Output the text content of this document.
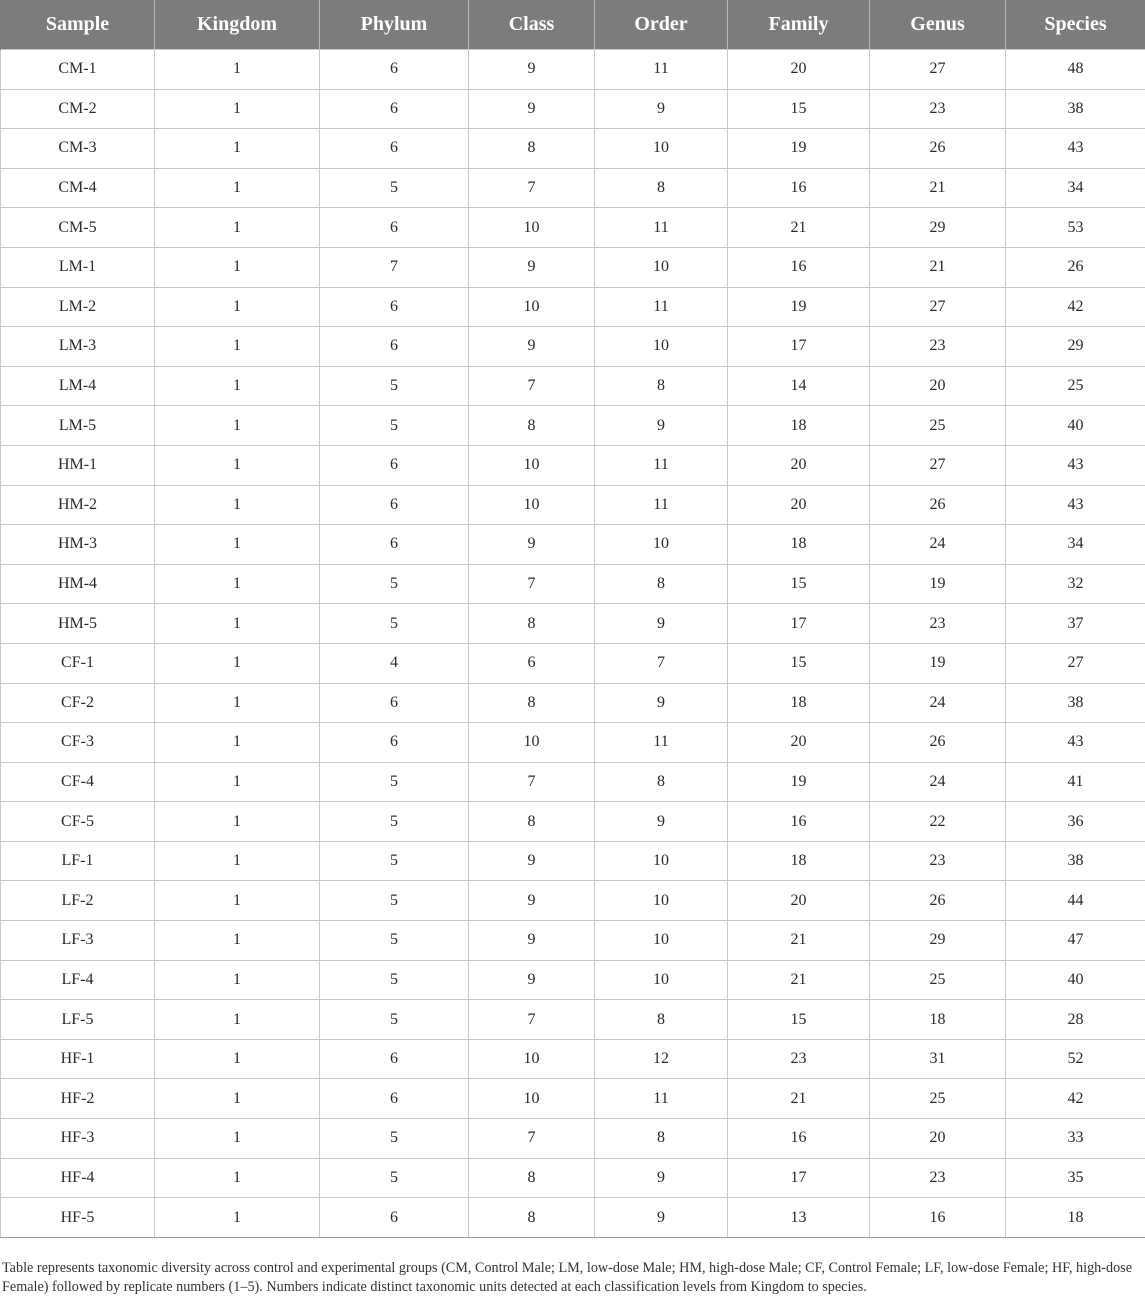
Sample	Kingdom	Phylum	Class	Order	Family	Genus	Species
CM-1	1	6	9	11	20	27	48
CM-2	1	6	9	9	15	23	38
CM-3	1	6	8	10	19	26	43
CM-4	1	5	7	8	16	21	34
CM-5	1	6	10	11	21	29	53
LM-1	1	7	9	10	16	21	26
LM-2	1	6	10	11	19	27	42
LM-3	1	6	9	10	17	23	29
LM-4	1	5	7	8	14	20	25
LM-5	1	5	8	9	18	25	40
HM-1	1	6	10	11	20	27	43
HM-2	1	6	10	11	20	26	43
HM-3	1	6	9	10	18	24	34
HM-4	1	5	7	8	15	19	32
HM-5	1	5	8	9	17	23	37
CF-1	1	4	6	7	15	19	27
CF-2	1	6	8	9	18	24	38
CF-3	1	6	10	11	20	26	43
CF-4	1	5	7	8	19	24	41
CF-5	1	5	8	9	16	22	36
LF-1	1	5	9	10	18	23	38
LF-2	1	5	9	10	20	26	44
LF-3	1	5	9	10	21	29	47
LF-4	1	5	9	10	21	25	40
LF-5	1	5	7	8	15	18	28
HF-1	1	6	10	12	23	31	52
HF-2	1	6	10	11	21	25	42
HF-3	1	5	7	8	16	20	33
HF-4	1	5	8	9	17	23	35
HF-5	1	6	8	9	13	16	18

Table represents taxonomic diversity across control and experimental groups (CM, Control Male; LM, low-dose Male; HM, high-dose Male; CF, Control Female; LF, low-dose Female; HF, high-dose Female) followed by replicate numbers (1–5). Numbers indicate distinct taxonomic units detected at each classification levels from Kingdom to species.
